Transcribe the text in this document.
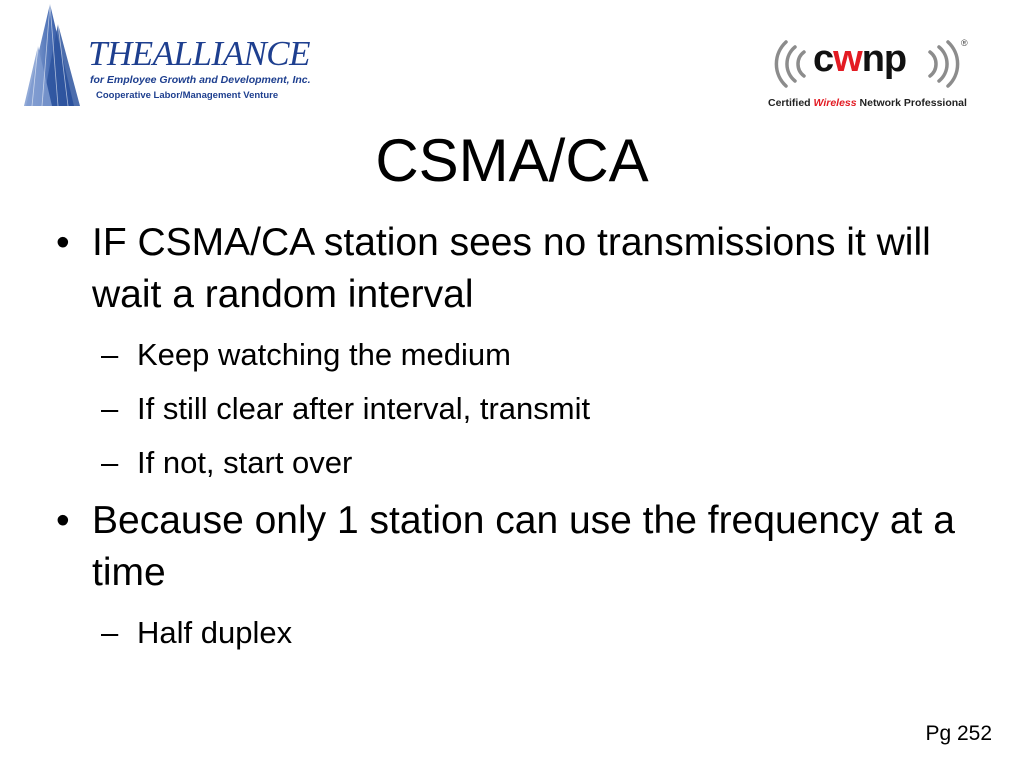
THEALLIANCE
for Employee Growth and Development, Inc.
Cooperative Labor/Management Venture
cwnp	®
Certified Wireless Network Professional
CSMA/CA
• IF CSMA/CA station sees no transmissions it will wait a random interval
– Keep watching the medium
– If still clear after interval, transmit
– If not, start over
• Because only 1 station can use the frequency at a time
– Half duplex
Pg 252
